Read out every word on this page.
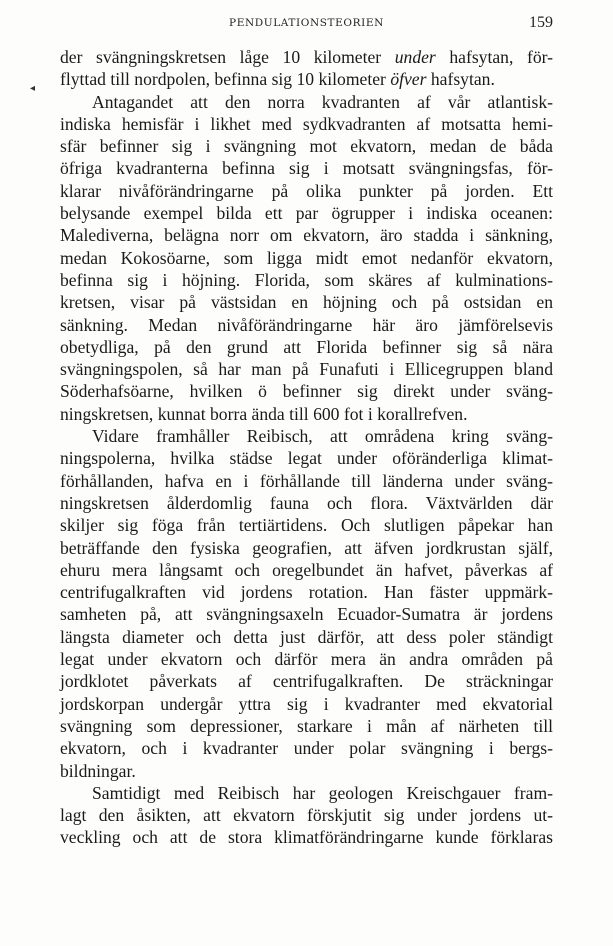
PENDULATIONSTEORIEN	159
◂
der svängningskretsen låge 10 kilometer under hafsytan, för-
flyttad till nordpolen, befinna sig 10 kilometer öfver hafsytan.
Antagandet att den norra kvadranten af vår atlantisk-
indiska hemisfär i likhet med sydkvadranten af motsatta hemi-
sfär befinner sig i svängning mot ekvatorn, medan de båda
öfriga kvadranterna befinna sig i motsatt svängningsfas, för-
klarar nivåförändringarne på olika punkter på jorden. Ett
belysande exempel bilda ett par ögrupper i indiska oceanen:
Malediverna, belägna norr om ekvatorn, äro stadda i sänkning,
medan Kokosöarne, som ligga midt emot nedanför ekvatorn,
befinna sig i höjning. Florida, som skäres af kulminations-
kretsen, visar på västsidan en höjning och på ostsidan en
sänkning. Medan nivåförändringarne här äro jämförelsevis
obetydliga, på den grund att Florida befinner sig så nära
svängningspolen, så har man på Funafuti i Ellicegruppen bland
Söderhafsöarne, hvilken ö befinner sig direkt under sväng-
ningskretsen, kunnat borra ända till 600 fot i korallrefven.
Vidare framhåller Reibisch, att områdena kring sväng-
ningspolerna, hvilka städse legat under oföränderliga klimat-
förhållanden, hafva en i förhållande till länderna under sväng-
ningskretsen ålderdomlig fauna och flora. Växtvärlden där
skiljer sig föga från tertiärtidens. Och slutligen påpekar han
beträffande den fysiska geografien, att äfven jordkrustan själf,
ehuru mera långsamt och oregelbundet än hafvet, påverkas af
centrifugalkraften vid jordens rotation. Han fäster uppmärk-
samheten på, att svängningsaxeln Ecuador-Sumatra är jordens
längsta diameter och detta just därför, att dess poler ständigt
legat under ekvatorn och därför mera än andra områden på
jordklotet påverkats af centrifugalkraften. De sträckningar
jordskorpan undergår yttra sig i kvadranter med ekvatorial
svängning som depressioner, starkare i mån af närheten till
ekvatorn, och i kvadranter under polar svängning i bergs-
bildningar.
Samtidigt med Reibisch har geologen Kreischgauer fram-
lagt den åsikten, att ekvatorn förskjutit sig under jordens ut-
veckling och att de stora klimatförändringarne kunde förklaras
